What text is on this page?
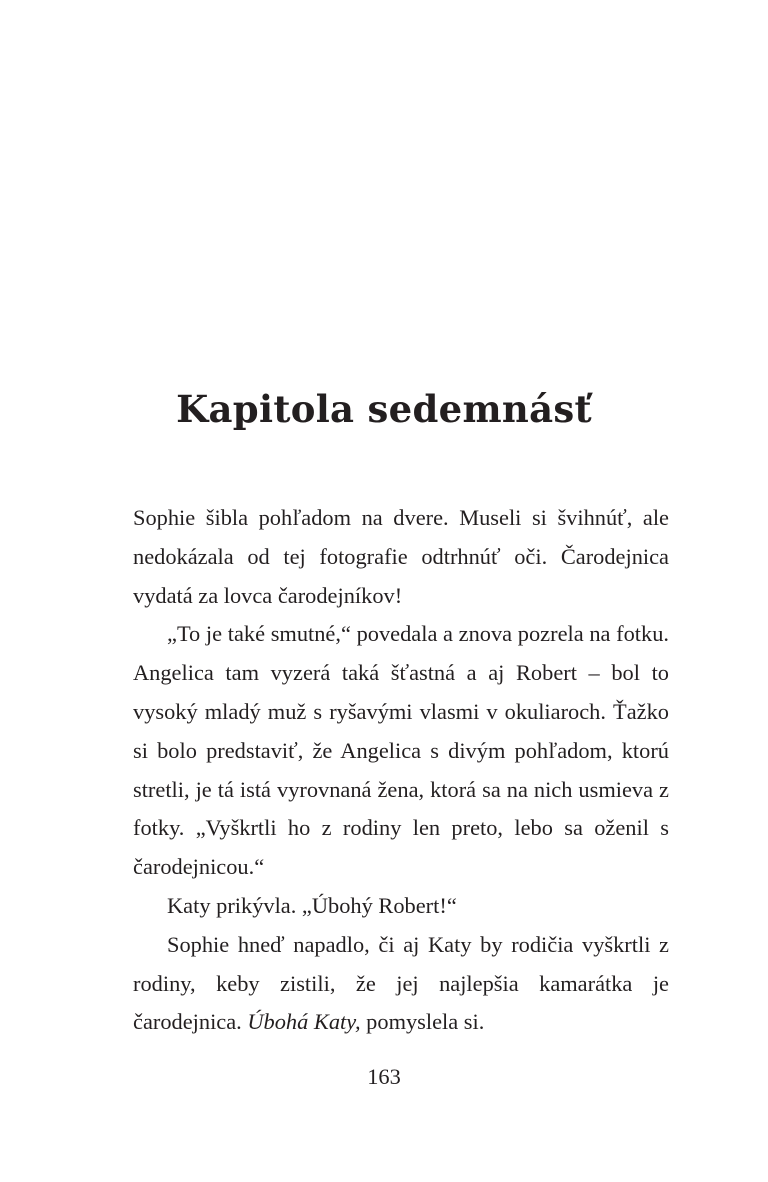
Kapitola sedemnásť

Sophie šibla pohľadom na dvere. Museli si švihnúť, ale nedokázala od tej fotografie odtrhnúť oči. Čarodejnica vydatá za lovca čarodejníkov!

„To je také smutné,“ povedala a znova pozrela na fotku. Angelica tam vyzerá taká šťastná a aj Robert – bol to vysoký mladý muž s ryšavými vlasmi v okuliaroch. Ťažko si bolo predstaviť, že Angelica s divým pohľadom, ktorú stretli, je tá istá vyrovnaná žena, ktorá sa na nich usmieva z fotky. „Vyškrtli ho z rodiny len preto, lebo sa oženil s čarodejnicou.“

Katy prikývla. „Úbohý Robert!“

Sophie hneď napadlo, či aj Katy by rodičia vyškrtli z rodiny, keby zistili, že jej najlepšia kamarátka je čarodejnica. Úbohá Katy, pomyslela si.

163
